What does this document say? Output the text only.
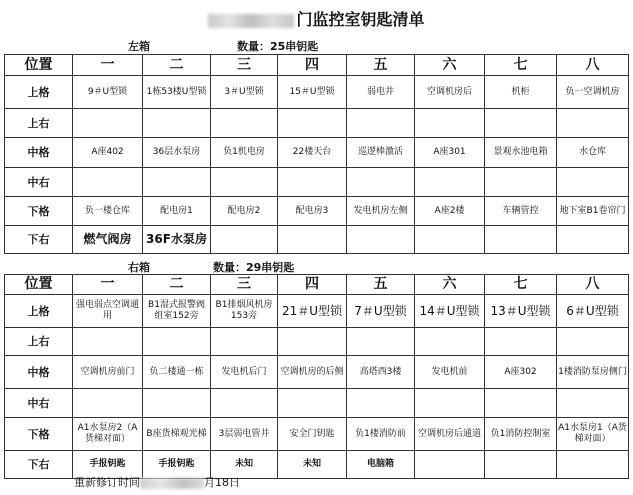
门监控室钥匙清单
左箱	数量：25串钥匙
位置	一	二	三	四	五	六	七	八
上格	9＃U型锁	1栋53楼U型锁	3＃U型锁	15＃U型锁	弱电井	空调机房后	机柜	负一空调机房
上右								
中格	A座402	36层水泵房	负1机电房	22楼天台	巡逻棒激活	A座301	景观水池电箱	水仓库
中右								
下格	负一楼仓库	配电房1	配电房2	配电房3	发电机房左侧	A座2楼	车辆管控	地下室B1卷帘门
下右	燃气阀房	36F水泵房						
右箱	数量：29串钥匙
位置	一	二	三	四	五	六	七	八
上格	强电弱点空调通用	B1湿式报警阀组室152旁	B1排烟风机房153旁	21＃U型锁	7＃U型锁	14＃U型锁	13＃U型锁	6＃U型锁
上右								
中格	空调机房前门	负二楼通一栋	发电机后门	空调机房的后侧	高塔西3楼	发电机前	A座302	1楼消防泵房侧门
中右								
下格	A1水泵房2（A货梯对面）	B座货梯观光梯	3层弱电管井	安全门钥匙	负1楼消防前	空调机房后通道	负1消防控制室	A1水泵房1（A货梯对面）
下右	手报钥匙	手报钥匙	未知	未知	电脑箱			
重新修订时间	月18日
